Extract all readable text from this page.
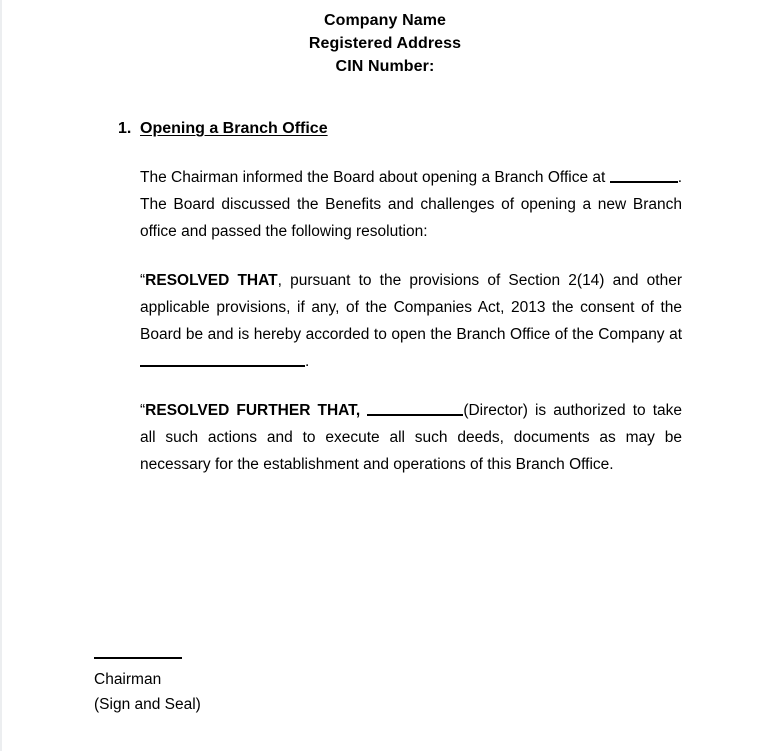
Company Name
Registered Address
CIN Number:
1. Opening a Branch Office

The Chairman informed the Board about opening a Branch Office at	. The Board discussed the Benefits and challenges of opening a new Branch office and passed the following resolution:

“RESOLVED THAT, pursuant to the provisions of Section 2(14) and other applicable provisions, if any, of the Companies Act, 2013 the consent of the Board be and is hereby accorded to open the Branch Office of the Company at .

“RESOLVED FURTHER THAT,	(Director) is authorized to take all such actions and to execute all such deeds, documents as may be necessary for the establishment and operations of this Branch Office.

Chairman
(Sign and Seal)
